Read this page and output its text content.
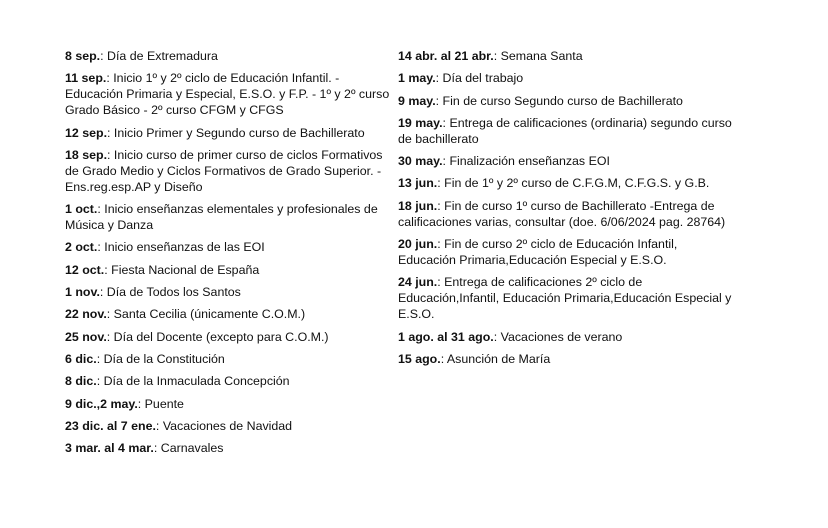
8 sep.: Día de Extremadura
11 sep.: Inicio 1º y 2º ciclo de Educación Infantil. -Educación Primaria y Especial, E.S.O. y F.P. - 1º y 2º curso Grado Básico - 2º curso CFGM y CFGS
12 sep.: Inicio Primer y Segundo curso de Bachillerato
18 sep.: Inicio curso de primer curso de ciclos Formativos de Grado Medio y Ciclos Formativos de Grado Superior. - Ens.reg.esp.AP y Diseño
1 oct.: Inicio enseñanzas elementales y profesionales de Música y Danza
2 oct.: Inicio enseñanzas de las EOI
12 oct.: Fiesta Nacional de España
1 nov.: Día de Todos los Santos
22 nov.: Santa Cecilia (únicamente C.O.M.)
25 nov.: Día del Docente (excepto para C.O.M.)
6 dic.: Día de la Constitución
8 dic.: Día de la Inmaculada Concepción
9 dic.,2 may.: Puente
23 dic. al 7 ene.: Vacaciones de Navidad
3 mar. al 4 mar.: Carnavales
14 abr. al 21 abr.: Semana Santa
1 may.: Día del trabajo
9 may.: Fin de curso Segundo curso de Bachillerato
19 may.: Entrega de calificaciones (ordinaria) segundo curso de bachillerato
30 may.: Finalización enseñanzas EOI
13 jun.: Fin de 1º y 2º curso de C.F.G.M, C.F.G.S. y G.B.
18 jun.: Fin de curso 1º curso de Bachillerato -Entrega de calificaciones varias, consultar (doe. 6/06/2024 pag. 28764)
20 jun.: Fin de curso 2º ciclo de Educación Infantil, Educación Primaria,Educación Especial y E.S.O.
24 jun.: Entrega de calificaciones 2º ciclo de Educación,Infantil, Educación Primaria,Educación Especial y E.S.O.
1 ago. al 31 ago.: Vacaciones de verano
15 ago.: Asunción de María
